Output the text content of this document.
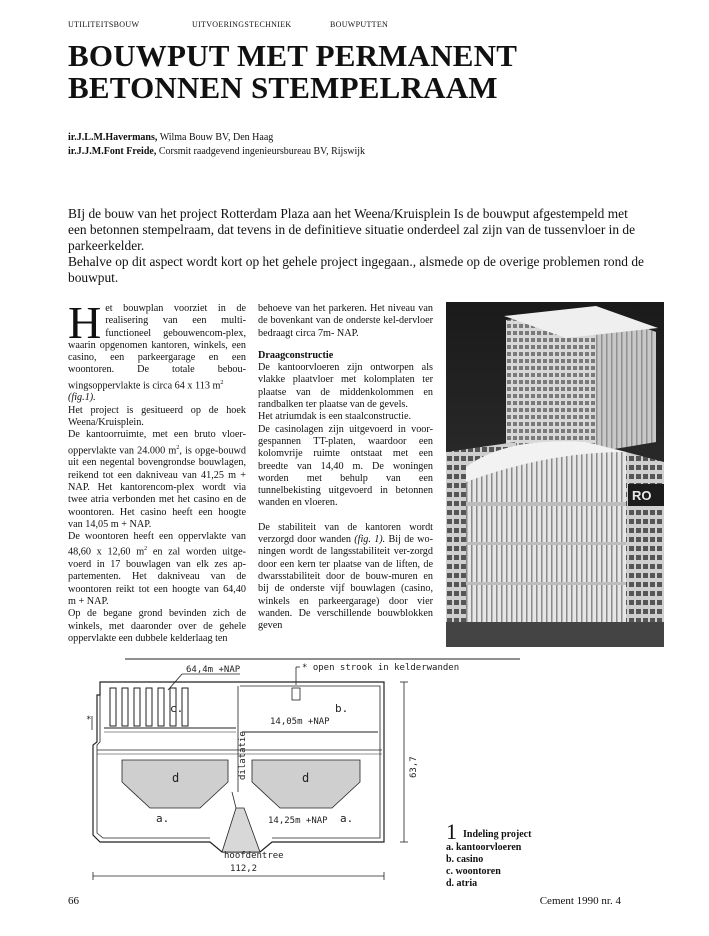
UTILITEITSBOUW	UITVOERINGSTECHNIEK	BOUWPUTTEN
BOUWPUT MET PERMANENT
BETONNEN STEMPELRAAM
ir.J.L.M.Havermans, Wilma Bouw BV, Den Haag
ir.J.J.M.Font Freide, Corsmit raadgevend ingenieursbureau BV, Rijswijk
BIj de bouw van het project Rotterdam Plaza aan het Weena/Kruisplein Is de bouwput afgestempeld met een betonnen stempelraam, dat tevens in de definitieve situatie onderdeel zal zijn van de tussenvloer in de parkeerkelder.
Behalve op dit aspect wordt kort op het gehele project ingegaan., alsmede op de overige problemen rond de bouwput.

Het bouwplan voorziet in de realisering van een multi-functioneel gebouwencom-plex, waarin opgenomen kantoren, winkels, een casino, een parkeergarage en een woontoren. De totale bebou-wingsoppervlakte is circa 64 x 113 $m^2$
(fig.1).

Het project is gesitueerd op de hoek Weena/Kruisplein.

De kantoorruimte, met een bruto vloer-oppervlakte van 24.000 $m^2$, is opge-bouwd uit een negental bovengrondse bouwlagen, reikend tot een dakniveau van 41,25 m + NAP. Het kantorencom-plex wordt via twee atria verbonden met het casino en de woontoren. Het casino heeft een hoogte van 14,05 m + NAP.

De woontoren heeft een oppervlakte van 48,60 x 12,60 $m^2$ en zal worden uitge-voerd in 17 bouwlagen van elk zes ap-partementen. Het dakniveau van de woontoren reikt tot een hoogte van 64,40 m + NAP.

Op de begane grond bevinden zich de winkels, met daaronder over de gehele oppervlakte een dubbele kelderlaag ten

behoeve van het parkeren. Het niveau van de bovenkant van de onderste kel-dervloer bedraagt circa 7m- NAP.

Draagconstructie

De kantoorvloeren zijn ontworpen als vlakke plaatvloer met kolomplaten ter plaatse van de middenkolommen en randbalken ter plaatse van de gevels.

Het atriumdak is een staalconstructie.

De casinolagen zijn uitgevoerd in voor-gespannen TT-platen, waardoor een kolomvrije ruimte ontstaat met een breedte van 14,40 m. De woningen worden met behulp van een tunnelbekisting uitgevoerd in betonnen wanden en vloeren.

De stabiliteit van de kantoren wordt verzorgd door wanden (fig. 1). Bij de wo-ningen wordt de langsstabiliteit ver-zorgd door een kern ter plaatse van de liften, de dwarsstabiliteit door de bouw-muren en bij de onderste vijf bouwlagen (casino, winkels en parkeergarage) door vier wanden. De verschillende bouwblokken geven

RO
64,4m +NAP	* open strook in kelderwanden
c.	b.
14,05m +NAP
dilatatie
d	d
a.	a.
14,25m +NAP
hoofdentree
*
63,7
112,2
1 Indeling project
a. kantoorvloeren
b. casino
c. woontoren
d. atria
66	Cement 1990 nr. 4
